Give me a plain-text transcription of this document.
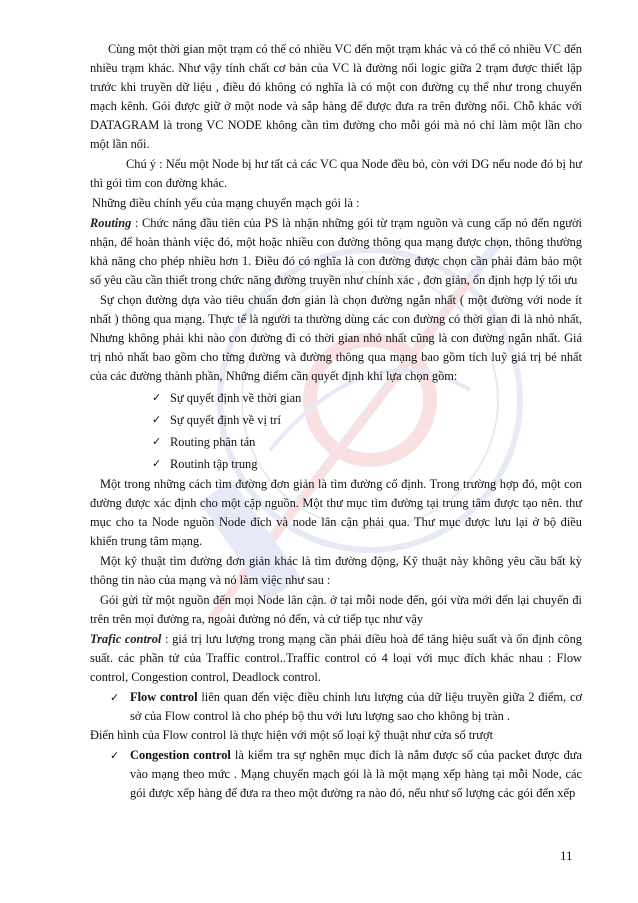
Cùng một thời gian một trạm có thể có nhiều VC đến một trạm khác và có thể có nhiều VC đến nhiều trạm khác. Như vậy tính chất cơ bản của VC là đường nối logic giữa 2 trạm được thiết lập trước khi truyền dữ liệu , điều đó không có nghĩa là có một con đường cụ thể như trong chuyển mạch kênh. Gói được giữ ở một node và sắp hàng để được đưa ra trên đường nối. Chỗ khác với DATAGRAM là trong VC NODE không cần tìm đường cho mỗi gói mà nó chỉ làm một lần cho một lần nối.

Chú ý : Nếu một Node bị hư tất cả các VC qua Node đều bỏ, còn với DG nếu node đó bị hư thì gói tìm con đường khác.

Những điều chính yếu của mạng chuyển mạch gói là :

Routing : Chức năng đầu tiên của PS là nhận những gói từ trạm nguồn và cung cấp nó đến người nhận, để hoàn thành việc đó, một hoặc nhiều con đường thông qua mạng được chọn, thông thường khả năng cho phép nhiều hơn 1. Điều đó có nghĩa là con đường được chọn cần phải đảm bảo một số yêu cầu cần thiết trong chức năng đường truyền như chính xác , đơn giản, ổn định hợp lý tối ưu

Sự chọn đường dựa vào tiêu chuẩn đơn giản là chọn đường ngắn nhất ( một đường với node ít nhất ) thông qua mạng. Thực tế là người ta thường dùng các con đường có thời gian đi là nhỏ nhất, Nhưng không phải khi nào con đường đi có thời gian nhỏ nhất cũng là con đường ngắn nhất. Giá trị nhỏ nhất bao gồm cho từng đường và đường thông qua mạng bao gồm tích luỹ giá trị bé nhất của các đường thành phần, Những điểm cần quyết định khi lựa chọn gồm:

✓ Sự quyết định về thời gian
✓ Sự quyết định về vị trí
✓ Routing phân tán
✓ Routinh tập trung

Một trong những cách tìm đường đơn giản là tìm đường cố định. Trong trường hợp đó, một con đường được xác định cho một cặp nguồn. Một thư mục tìm đường tại trung tâm được tạo nên. thư mục cho ta Node nguồn Node đích và node lân cận phải qua. Thư mục được lưu lại ở bộ điều khiển trung tâm mạng.

Một kỹ thuật tìm đường đơn giản khác là tìm đường động, Kỹ thuật này không yêu cầu bất kỳ thông tin nào của mạng và nó làm việc như sau :

Gói gửi từ một nguồn đến mọi Node lân cận. ở tại mỗi node đến, gói vừa mới đến lại chuyển đi trên trên mọi đường ra, ngoài đường nó đến, và cứ tiếp tục như vậy

Trafic control : giá trị lưu lượng trong mạng cần phải điều hoà để tăng hiệu suất và ổn định công suất. các phần tử của Traffic control..Traffic control có 4 loại với mục đích khác nhau : Flow control, Congestion control, Deadlock control.

✓ Flow control liên quan đến việc điều chỉnh lưu lượng của dữ liệu truyền giữa 2 điểm, cơ sở của Flow control là cho phép bộ thu với lưu lượng sao cho không bị tràn .

Điển hình của Flow control là thực hiện với một số loại kỹ thuật như cửa sổ trượt

✓ Congestion control là kiểm tra sự nghẽn mục đích là nắm được số của packet được đưa vào mạng theo mức . Mạng chuyển mạch gói là là một mạng xếp hàng tại mỗi Node, các gói được xếp hàng để đưa ra theo một đường ra nào đó, nếu như số lượng các gói đến xếp
11
